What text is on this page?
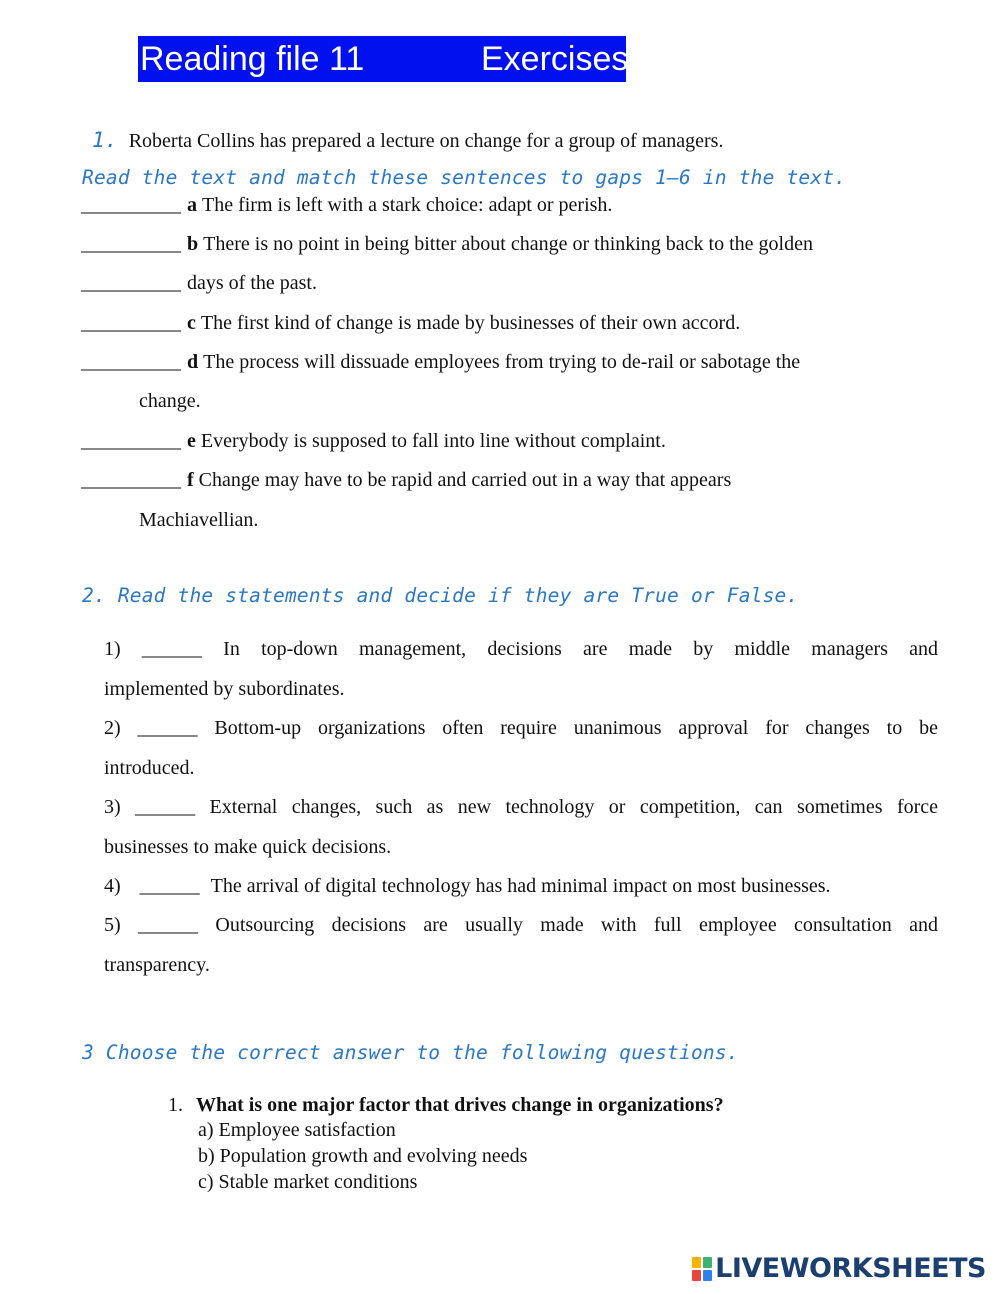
Reading file 11

	Exercises

1. Roberta Collins has prepared a lecture on change for a group of managers.
Read the text and match these sentences to gaps 1–6 in the text.
__________ a The firm is left with a stark choice: adapt or perish.
__________ b There is no point in being bitter about change or thinking back to the golden
__________ days of the past.
__________ c The first kind of change is made by businesses of their own accord.
__________ d The process will dissuade employees from trying to de-rail or sabotage the
change.
__________ e Everybody is supposed to fall into line without complaint.
__________ f Change may have to be rapid and carried out in a way that appears
Machiavellian.
2. Read the statements and decide if they are True or False.
1) ______ In top-down management, decisions are made by middle managers and
implemented by subordinates.
2) ______ Bottom-up organizations often require unanimous approval for changes to be
introduced.
3) ______ External changes, such as new technology or competition, can sometimes force
businesses to make quick decisions.
4) ______ The arrival of digital technology has had minimal impact on most businesses.
5) ______ Outsourcing decisions are usually made with full employee consultation and
transparency.
3 Choose the correct answer to the following questions.
1. What is one major factor that drives change in organizations?
a) Employee satisfaction
b) Population growth and evolving needs
c) Stable market conditions
LIVEWORKSHEETS
